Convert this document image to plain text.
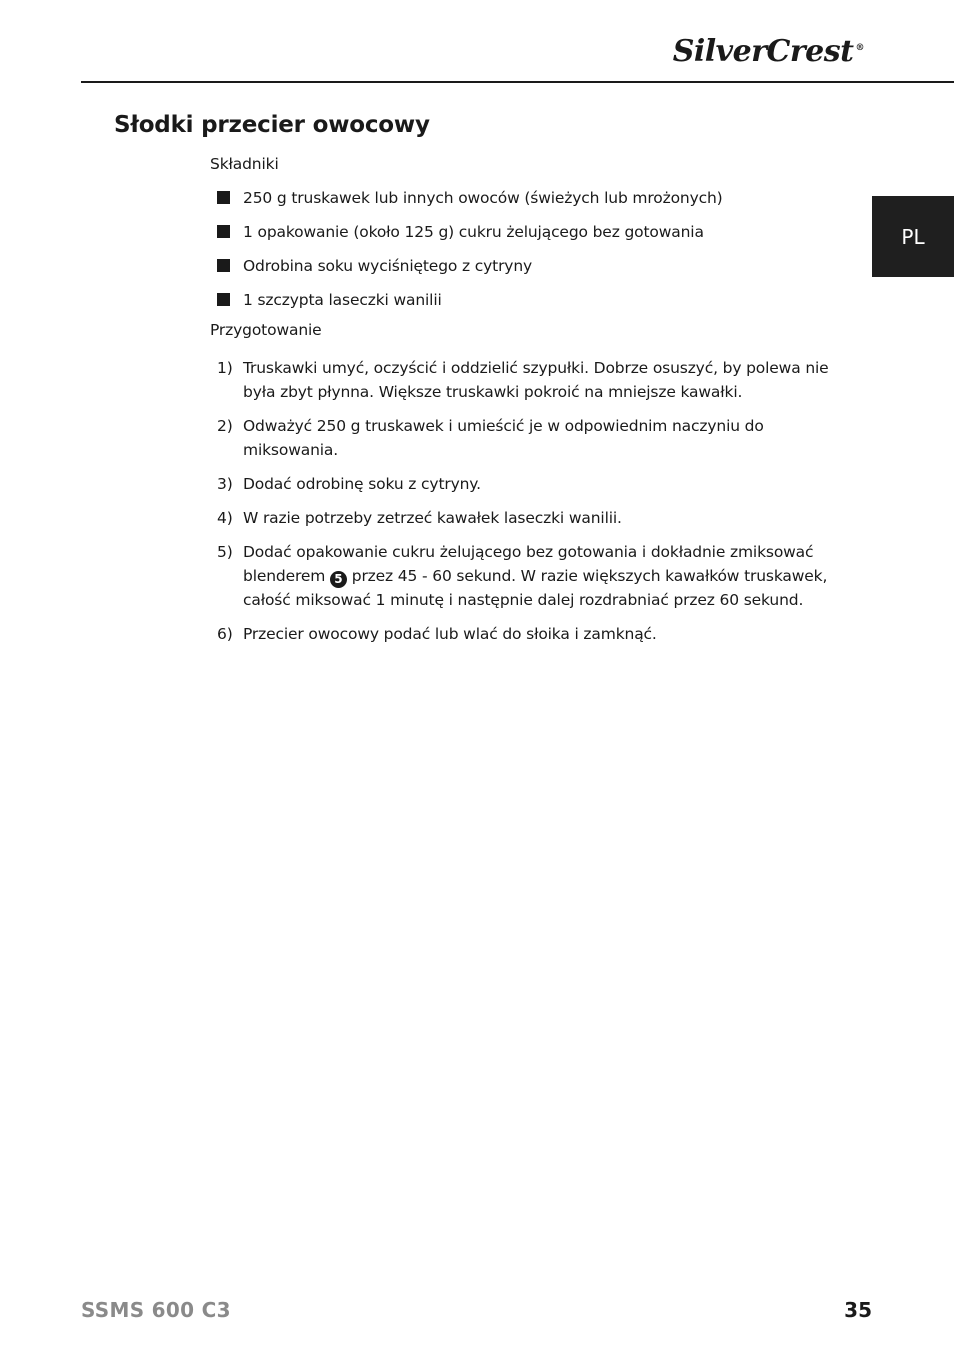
SilverCrest ®
PL
Słodki przecier owocowy

Składniki

250 g truskawek lub innych owoców (świeżych lub mrożonych)
1 opakowanie (około 125 g) cukru żelującego bez gotowania
Odrobina soku wyciśniętego z cytryny
1 szczypta laseczki wanilii

Przygotowanie

1) Truskawki umyć, oczyścić i oddzielić szypułki. Dobrze osuszyć, by polewa nie była zbyt płynna. Większe truskawki pokroić na mniejsze kawałki.
2) Odważyć 250 g truskawek i umieścić je w odpowiednim naczyniu do miksowania.
3) Dodać odrobinę soku z cytryny.
4) W razie potrzeby zetrzeć kawałek laseczki wanilii.
5) Dodać opakowanie cukru żelującego bez gotowania i dokładnie zmiksować blenderem 5 przez 45 - 60 sekund. W razie większych kawałków truskawek, całość miksować 1 minutę i następnie dalej rozdrabniać przez 60 sekund.
6) Przecier owocowy podać lub wlać do słoika i zamknąć.
SSMS 600 C3	35
